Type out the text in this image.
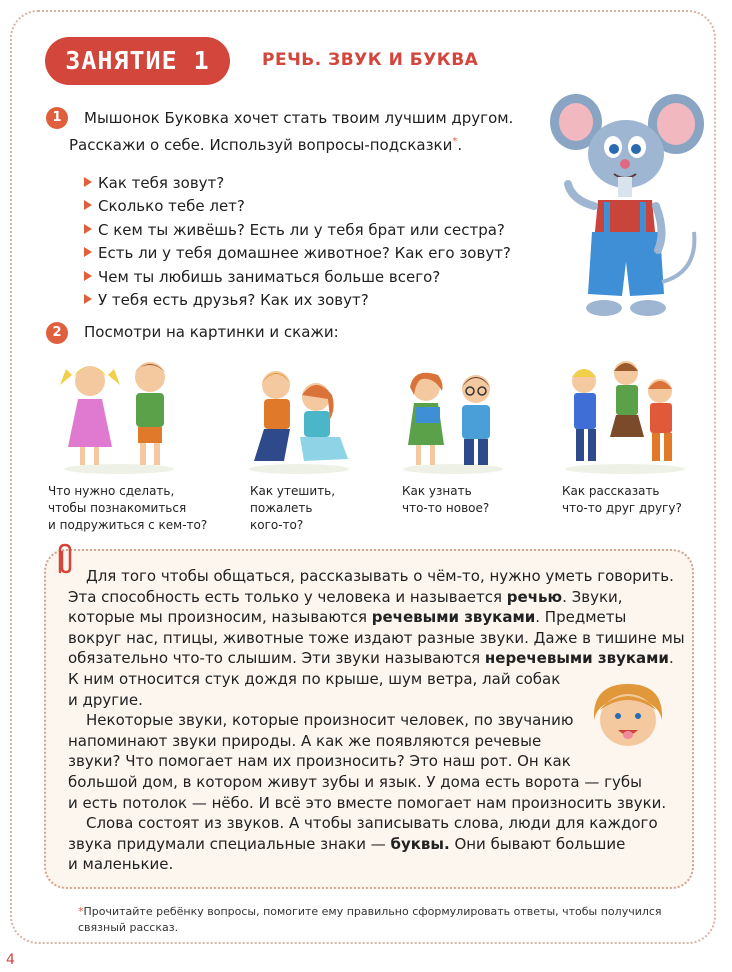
ЗАНЯТИЕ 1	РЕЧЬ. ЗВУК И БУКВА
1	Мышонок Буковка хочет стать твоим лучшим другом.
Расскажи о себе. Используй вопросы-подсказки*.
Как тебя зовут?
Сколько тебе лет?
С кем ты живёшь? Есть ли у тебя брат или сестра?
Есть ли у тебя домашнее животное? Как его зовут?
Чем ты любишь заниматься больше всего?
У тебя есть друзья? Как их зовут?
2	Посмотри на картинки и скажи:
Что нужно сделать,
чтобы познакомиться
и подружиться с кем-то?
Как утешить,
пожалеть
кого-то?
Как узнать
что-то новое?
Как рассказать
что-то друг другу?
Для того чтобы общаться, рассказывать о чём-то, нужно уметь говорить.
Эта способность есть только у человека и называется речью. Звуки,
которые мы произносим, называются речевыми звуками. Предметы
вокруг нас, птицы, животные тоже издают разные звуки. Даже в тишине мы
обязательно что-то слышим. Эти звуки называются неречевыми звуками.
К ним относится стук дождя по крыше, шум ветра, лай собак
и другие.
Некоторые звуки, которые произносит человек, по звучанию
напоминают звуки природы. А как же появляются речевые
звуки? Что помогает нам их произносить? Это наш рот. Он как
большой дом, в котором живут зубы и язык. У дома есть ворота — губы
и есть потолок — нёбо. И всё это вместе помогает нам произносить звуки.
Слова состоят из звуков. А чтобы записывать слова, люди для каждого
звука придумали специальные знаки — буквы. Они бывают большие
и маленькие.
*Прочитайте ребёнку вопросы, помогите ему правильно сформулировать ответы, чтобы получился
связный рассказ.
4
